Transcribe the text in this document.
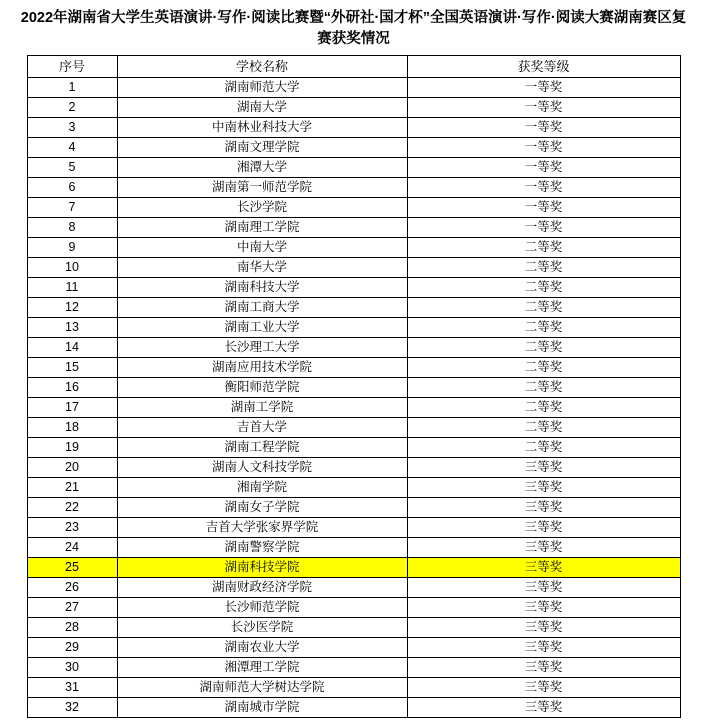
2022年湖南省大学生英语演讲·写作·阅读比赛暨“外研社·国才杯”全国英语演讲·写作·阅读大赛湖南赛区复赛获奖情况
序号	学校名称	获奖等级
1	湖南师范大学	一等奖
2	湖南大学	一等奖
3	中南林业科技大学	一等奖
4	湖南文理学院	一等奖
5	湘潭大学	一等奖
6	湖南第一师范学院	一等奖
7	长沙学院	一等奖
8	湖南理工学院	一等奖
9	中南大学	二等奖
10	南华大学	二等奖
11	湖南科技大学	二等奖
12	湖南工商大学	二等奖
13	湖南工业大学	二等奖
14	长沙理工大学	二等奖
15	湖南应用技术学院	二等奖
16	衡阳师范学院	二等奖
17	湖南工学院	二等奖
18	吉首大学	二等奖
19	湖南工程学院	二等奖
20	湖南人文科技学院	三等奖
21	湘南学院	三等奖
22	湖南女子学院	三等奖
23	吉首大学张家界学院	三等奖
24	湖南警察学院	三等奖
25	湖南科技学院	三等奖
26	湖南财政经济学院	三等奖
27	长沙师范学院	三等奖
28	长沙医学院	三等奖
29	湖南农业大学	三等奖
30	湘潭理工学院	三等奖
31	湖南师范大学树达学院	三等奖
32	湖南城市学院	三等奖
